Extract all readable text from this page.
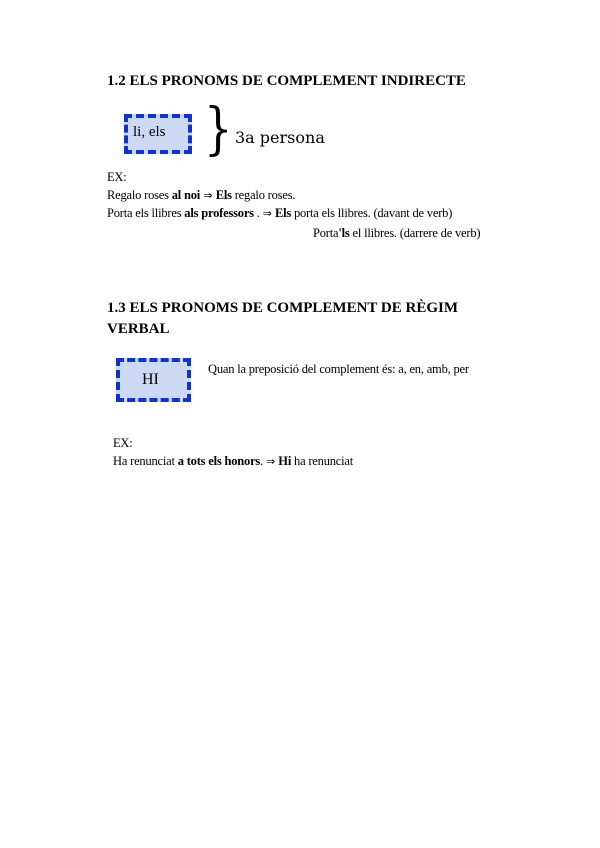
1.2 ELS PRONOMS DE COMPLEMENT INDIRECTE
li, els } 3a persona
EX:
Regalo roses al noi ⇒ Els regalo roses.
Porta els llibres als professors . ⇒ Els porta els llibres. (davant de verb)
Porta'ls el llibres. (darrere de verb)
1.3 ELS PRONOMS DE COMPLEMENT DE RÈGIM
VERBAL
HI
Quan la preposició del complement és: a, en, amb, per
EX:
Ha renunciat a tots els honors. ⇒ Hi ha renunciat
